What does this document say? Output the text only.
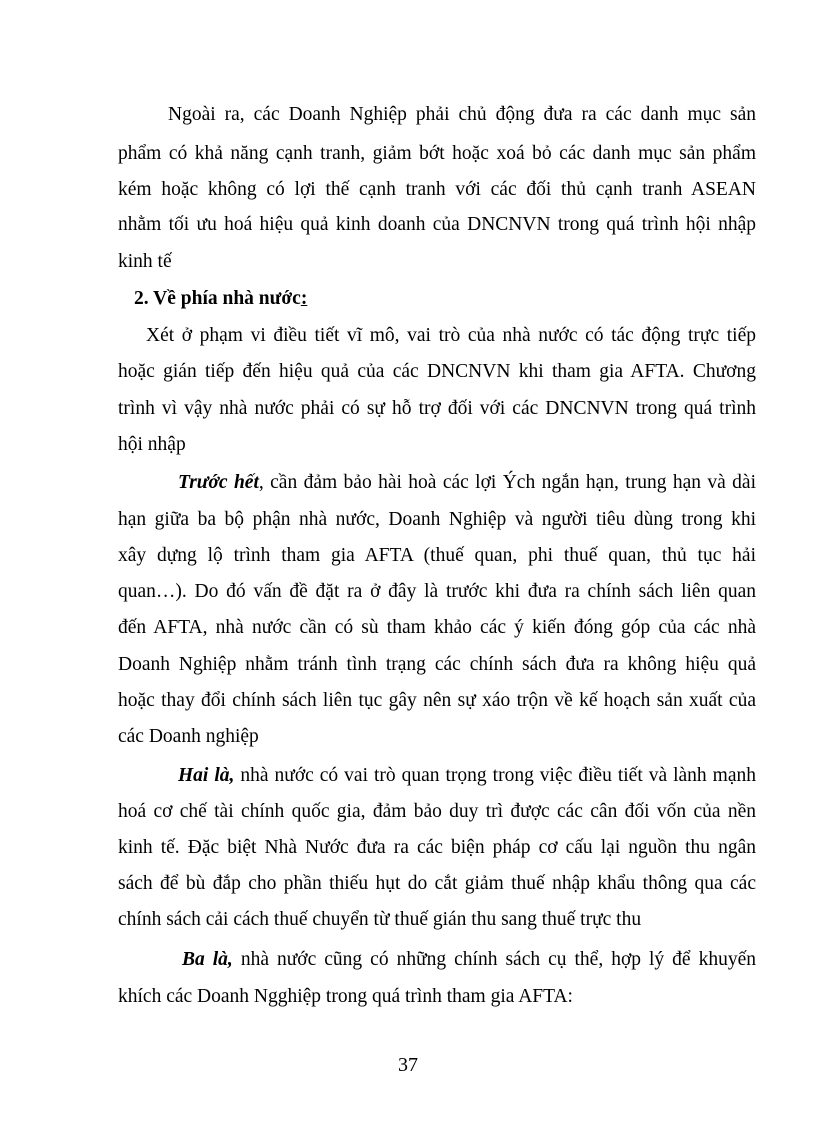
Ngoài ra, các Doanh Nghiệp phải chủ động đưa ra các danh mục sản
phẩm có khả năng cạnh tranh, giảm bớt hoặc xoá bỏ các danh mục sản phẩm
kém hoặc không có lợi thế cạnh tranh với các đối thủ cạnh tranh ASEAN
nhằm tối ưu hoá hiệu quả kinh doanh của DNCNVN trong quá trình hội nhập
kinh tế
2. Về phía nhà nước:
Xét ở phạm vi điều tiết vĩ mô, vai trò của nhà nước có tác động trực tiếp
hoặc gián tiếp đến hiệu quả của các DNCNVN khi tham gia AFTA. Chương
trình vì vậy nhà nước phải có sự hỗ trợ đối với các DNCNVN trong quá trình
hội nhập
Trước hết, cần đảm bảo hài hoà các lợi Ých ngắn hạn, trung hạn và dài
hạn giữa ba bộ phận nhà nước, Doanh Nghiệp và người tiêu dùng trong khi
xây dựng lộ trình tham gia AFTA (thuế quan, phi thuế quan, thủ tục hải
quan…). Do đó vấn đề đặt ra ở đây là trước khi đưa ra chính sách liên quan
đến AFTA, nhà nước cần có sù tham khảo các ý kiến đóng góp của các nhà
Doanh Nghiệp nhằm tránh tình trạng các chính sách đưa ra không hiệu quả
hoặc thay đổi chính sách liên tục gây nên sự xáo trộn về kế hoạch sản xuất của
các Doanh nghiệp
Hai là, nhà nước có vai trò quan trọng trong việc điều tiết và lành mạnh
hoá cơ chế tài chính quốc gia, đảm bảo duy trì được các cân đối vốn của nền
kinh tế. Đặc biệt Nhà Nước đưa ra các biện pháp cơ cấu lại nguồn thu ngân
sách để bù đắp cho phần thiếu hụt do cắt giảm thuế nhập khẩu thông qua các
chính sách cải cách thuế chuyển từ thuế gián thu sang thuế trực thu
Ba là, nhà nước cũng có những chính sách cụ thể, hợp lý để khuyến
khích các Doanh Ngghiệp trong quá trình tham gia AFTA:
37
